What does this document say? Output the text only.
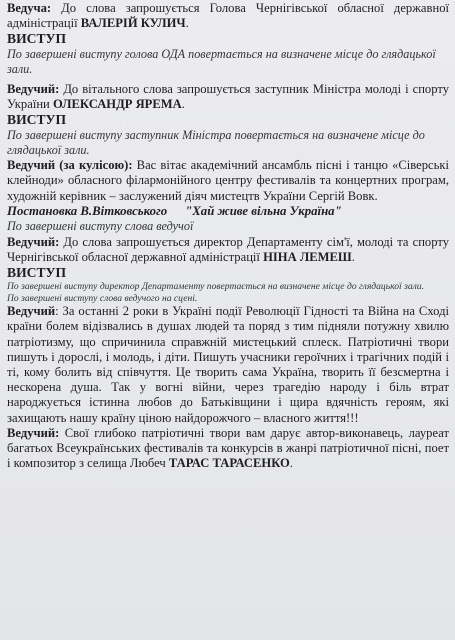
Ведуча: До слова запрошується Голова Чернігівської обласної державної адміністрації ВАЛЕРІЙ КУЛИЧ.

ВИСТУП

По завершені виступу голова ОДА повертається на визначене місце до глядацької зали.

Ведучий: До вітального слова запрошується заступник Міністра молоді і спорту України ОЛЕКСАНДР ЯРЕМА.

ВИСТУП

По завершені виступу заступник Міністра повертається на визначене місце до глядацької зали.

Ведучий (за кулісою): Вас вітає академічний ансамбль пісні і танцю «Сіверські клейноди» обласного філармонійного центру фестивалів та концертних програм, художній керівник – заслужений діяч мистецтв України Сергій Вовк.

Постановка В.Вітковського "Хай живе вільна Україна"

По завершені виступу слова ведучої

Ведучий: До слова запрошується директор Департаменту сім'ї, молоді та спорту Чернігівської обласної державної адміністрації НІНА ЛЕМЕШ.

ВИСТУП

По завершені виступу директор Департаменту повертається на визначене місце до глядацької зали.

По завершені виступу слова ведучого на сцені.

Ведучий: За останні 2 роки в Україні події Революції Гідності та Війна на Сході країни болем відізвались в душах людей та поряд з тим підняли потужну хвилю патріотизму, що спричинила справжній мистецький сплеск. Патріотичні твори пишуть і дорослі, і молодь, і діти. Пишуть учасники героїчних і трагічних подій і ті, кому болить від співчуття. Це творить сама Україна, творить її безсмертна і нескорена душа. Так у вогні війни, через трагедію народу і біль втрат народжується істинна любов до Батьківщини і щира вдячність героям, які захищають нашу країну ціною найдорожчого – власного життя!!!

Ведучий: Свої глибоко патріотичні твори вам дарує автор-виконавець, лауреат багатьох Всеукраїнських фестивалів та конкурсів в жанрі патріотичної пісні, поет і композитор з селища Любеч ТАРАС ТАРАСЕНКО.
